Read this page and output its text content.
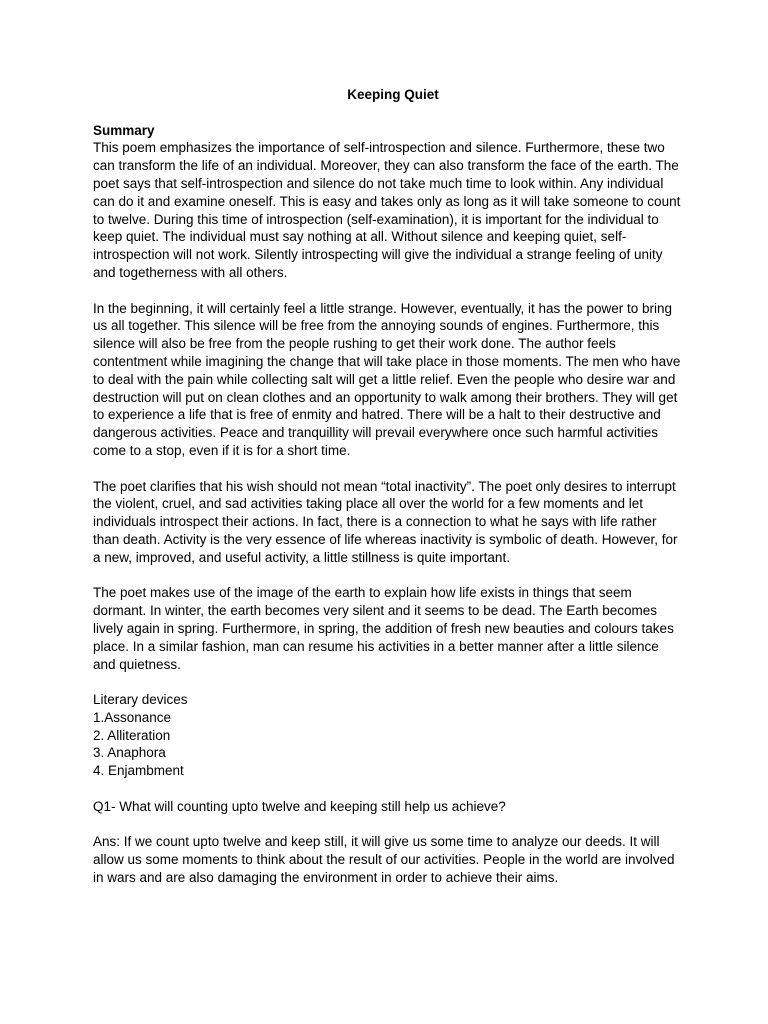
Keeping Quiet
Summary

This poem emphasizes the importance of self-introspection and silence. Furthermore, these two can transform the life of an individual. Moreover, they can also transform the face of the earth. The poet says that self-introspection and silence do not take much time to look within. Any individual can do it and examine oneself. This is easy and takes only as long as it will take someone to count to twelve. During this time of introspection (self-examination), it is important for the individual to keep quiet. The individual must say nothing at all. Without silence and keeping quiet, self-introspection will not work. Silently introspecting will give the individual a strange feeling of unity and togetherness with all others.

In the beginning, it will certainly feel a little strange. However, eventually, it has the power to bring us all together. This silence will be free from the annoying sounds of engines. Furthermore, this silence will also be free from the people rushing to get their work done. The author feels contentment while imagining the change that will take place in those moments. The men who have to deal with the pain while collecting salt will get a little relief. Even the people who desire war and destruction will put on clean clothes and an opportunity to walk among their brothers. They will get to experience a life that is free of enmity and hatred. There will be a halt to their destructive and dangerous activities. Peace and tranquillity will prevail everywhere once such harmful activities come to a stop, even if it is for a short time.

The poet clarifies that his wish should not mean “total inactivity”. The poet only desires to interrupt the violent, cruel, and sad activities taking place all over the world for a few moments and let individuals introspect their actions. In fact, there is a connection to what he says with life rather than death. Activity is the very essence of life whereas inactivity is symbolic of death. However, for a new, improved, and useful activity, a little stillness is quite important.

The poet makes use of the image of the earth to explain how life exists in things that seem dormant. In winter, the earth becomes very silent and it seems to be dead. The Earth becomes lively again in spring. Furthermore, in spring, the addition of fresh new beauties and colours takes place. In a similar fashion, man can resume his activities in a better manner after a little silence and quietness.

Literary devices
1.Assonance
2. Alliteration
3. Anaphora
4. Enjambment

Q1- What will counting upto twelve and keeping still help us achieve?

Ans: If we count upto twelve and keep still, it will give us some time to analyze our deeds. It will allow us some moments to think about the result of our activities. People in the world are involved in wars and are also damaging the environment in order to achieve their aims.
